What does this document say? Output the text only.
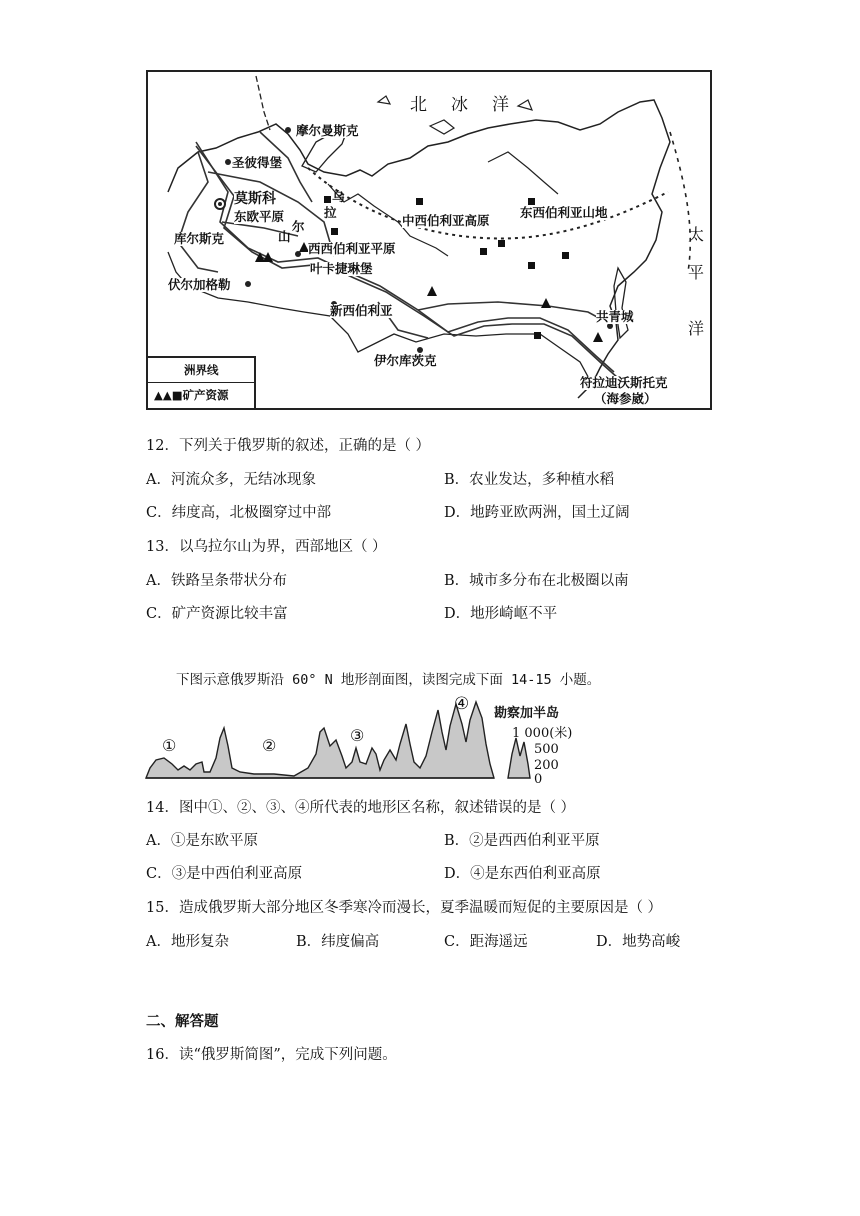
北冰洋
太
平
洋
摩尔曼斯克
圣彼得堡
莫斯科
东欧平原
库尔斯克
伏尔加格勒
乌
拉
尔
山
西西伯利亚平原
叶卡捷琳堡
新西伯利亚
伊尔库茨克
中西伯利亚高原
东西伯利亚山地
共青城
符拉迪沃斯托克
（海参崴）
洲界线
▲▲■矿产资源
12．下列关于俄罗斯的叙述，正确的是（ ）
A．河流众多，无结冰现象	B．农业发达，多种植水稻
C．纬度高，北极圈穿过中部	D．地跨亚欧两洲，国土辽阔
13．以乌拉尔山为界，西部地区（ ）
A．铁路呈条带状分布	B．城市多分布在北极圈以南
C．矿产资源比较丰富	D．地形崎岖不平
下图示意俄罗斯沿 60° N 地形剖面图，读图完成下面 14-15 小题。
①	②
③
④ 勘察加半岛
1 000(米)
500
200
0
14．图中①、②、③、④所代表的地形区名称，叙述错误的是（ ）
A．①是东欧平原	B．②是西西伯利亚平原
C．③是中西伯利亚高原	D．④是东西伯利亚高原
15．造成俄罗斯大部分地区冬季寒冷而漫长，夏季温暖而短促的主要原因是（ ）
A．地形复杂	B．纬度偏高	C．距海遥远	D．地势高峻
二、解答题
16．读“俄罗斯简图”，完成下列问题。
